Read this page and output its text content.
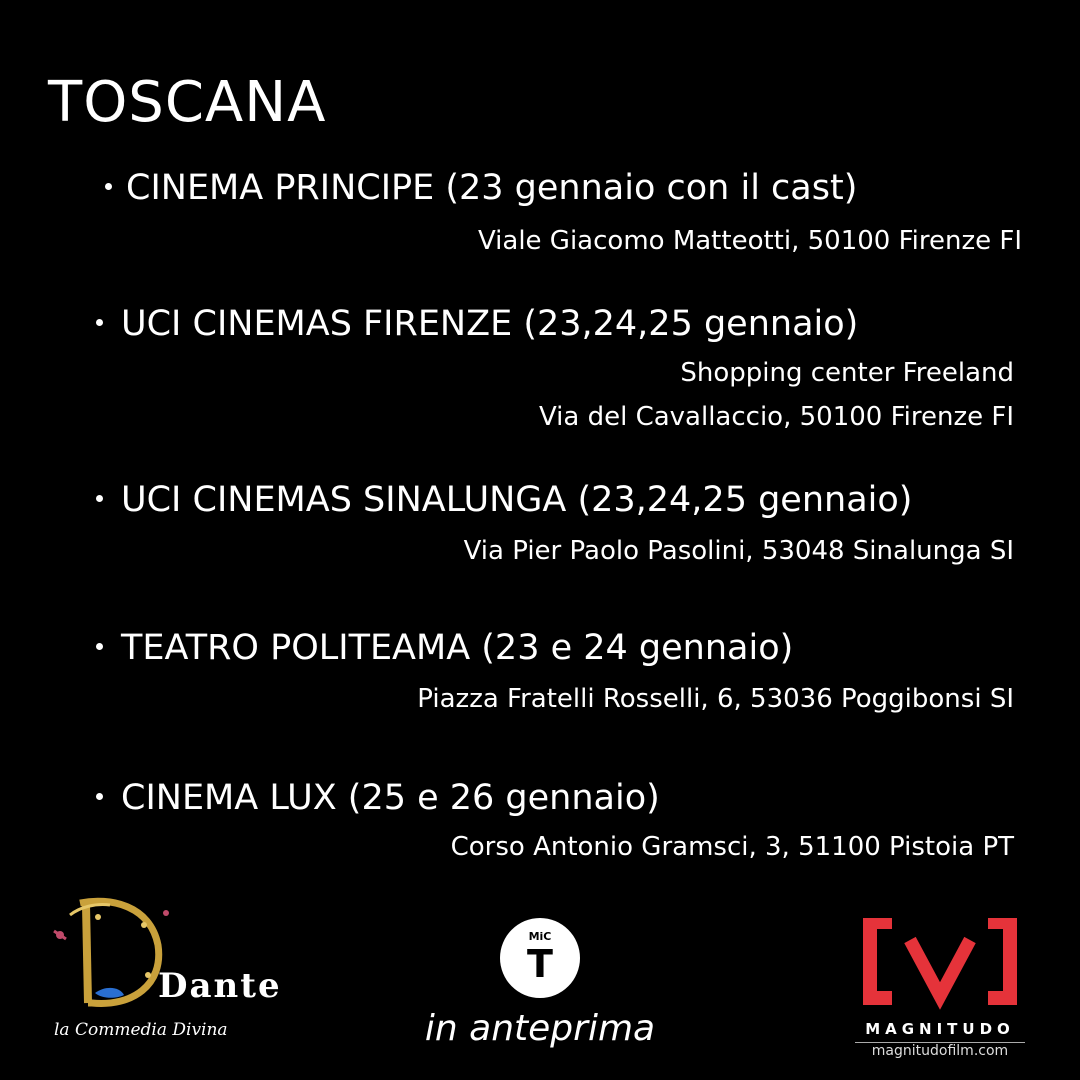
TOSCANA
CINEMA PRINCIPE (23 gennaio con il cast)
Viale Giacomo Matteotti, 50100 Firenze FI
UCI CINEMAS FIRENZE (23,24,25 gennaio)
Shopping center Freeland
Via del Cavallaccio, 50100 Firenze FI
UCI CINEMAS SINALUNGA (23,24,25 gennaio)
Via Pier Paolo Pasolini, 53048 Sinalunga SI
TEATRO POLITEAMA (23 e 24 gennaio)
Piazza Fratelli Rosselli, 6, 53036 Poggibonsi SI
CINEMA LUX (25 e 26 gennaio)
Corso Antonio Gramsci, 3, 51100 Pistoia PT
Dante
la Commedia Divina
MiC
T
in anteprima	MAGNITUDO
magnitudofilm.com
